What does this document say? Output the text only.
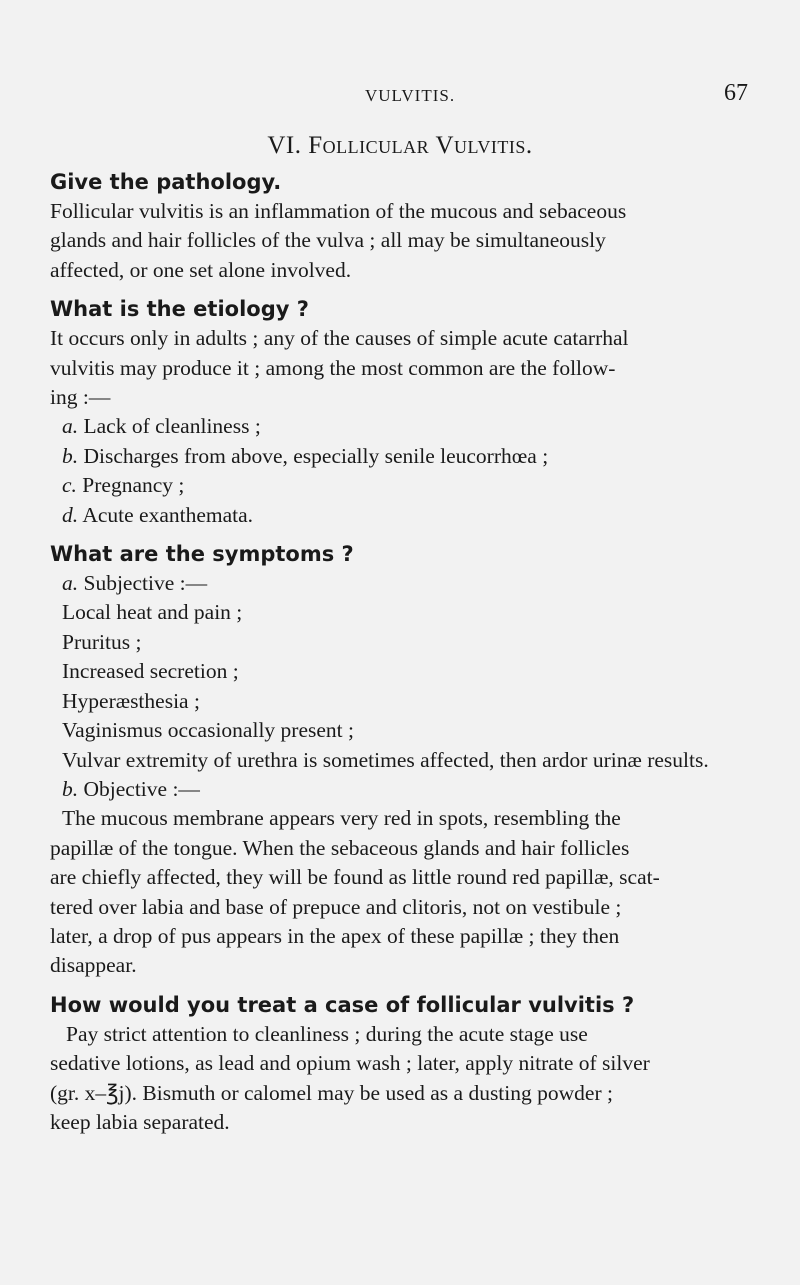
VULVITIS.	67
VI. Follicular Vulvitis.
Give the pathology.
Follicular vulvitis is an inflammation of the mucous and sebaceous
glands and hair follicles of the vulva ; all may be simultaneously
affected, or one set alone involved.
What is the etiology ?
It occurs only in adults ; any of the causes of simple acute catarrhal
vulvitis may produce it ; among the most common are the follow-
ing :—
a. Lack of cleanliness ;
b. Discharges from above, especially senile leucorrhœa ;
c. Pregnancy ;
d. Acute exanthemata.
What are the symptoms ?
a. Subjective :—
Local heat and pain ;
Pruritus ;
Increased secretion ;
Hyperæsthesia ;
Vaginismus occasionally present ;
Vulvar extremity of urethra is sometimes affected, then ardor urinæ results.
b. Objective :—
The mucous membrane appears very red in spots, resembling the
papillæ of the tongue. When the sebaceous glands and hair follicles
are chiefly affected, they will be found as little round red papillæ, scat-
tered over labia and base of prepuce and clitoris, not on vestibule ;
later, a drop of pus appears in the apex of these papillæ ; they then
disappear.
How would you treat a case of follicular vulvitis ?
Pay strict attention to cleanliness ; during the acute stage use
sedative lotions, as lead and opium wash ; later, apply nitrate of silver
(gr. x–℥j). Bismuth or calomel may be used as a dusting powder ;
keep labia separated.
